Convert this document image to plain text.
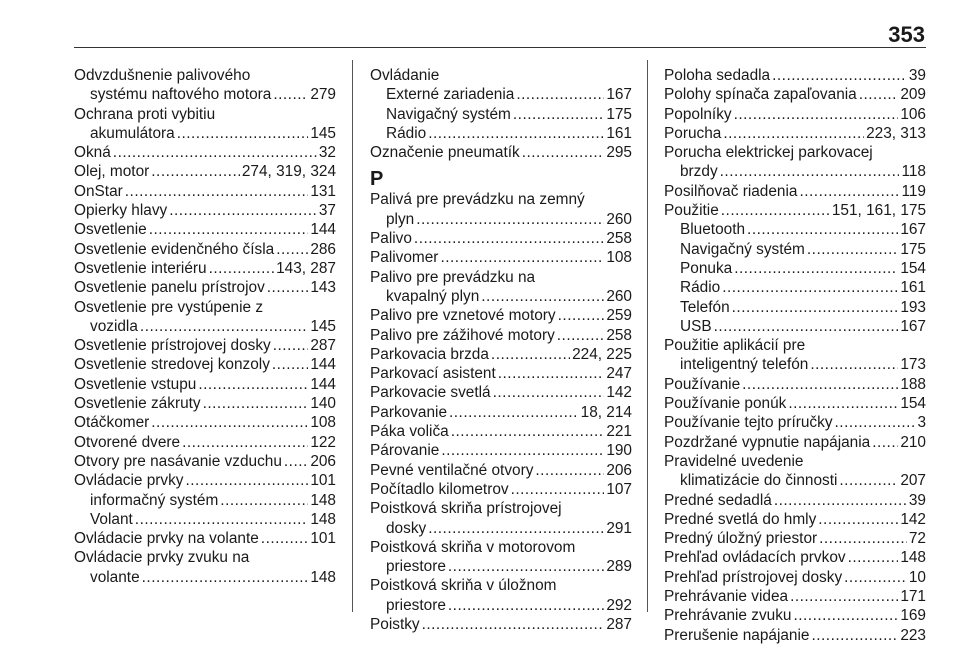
353
Odvzdušnenie palivového
systému naftového motora .....	279
Ochrana proti vybitiu
akumulátora .....	145
Okná .....	32
Olej, motor .....	274, 319, 324
OnStar .....	131
Opierky hlavy .....	37
Osvetlenie .....	144
Osvetlenie evidenčného čísla ..... 286
Osvetlenie interiéru .....	143, 287
Osvetlenie panelu prístrojov .....	143
Osvetlenie pre vystúpenie z
vozidla .....	145
Osvetlenie prístrojovej dosky .....	287
Osvetlenie stredovej konzoly .....	144
Osvetlenie vstupu .....	144
Osvetlenie zákruty .....	140
Otáčkomer .....	108
Otvorené dvere .....	122
Otvory pre nasávanie vzduchu ..... 206
Ovládacie prvky .....	101
informačný systém .....	148
Volant .....	148
Ovládacie prvky na volante .....	101
Ovládacie prvky zvuku na
volante .....	148
Ovládanie
Externé zariadenia .....	167
Navigačný systém .....	175
Rádio .....	161
Označenie pneumatík .....	295
P
Palivá pre prevádzku na zemný
plyn .....	260
Palivo .....	258
Palivomer .....	108
Palivo pre prevádzku na
kvapalný plyn .....	260
Palivo pre vznetové motory .....	259
Palivo pre zážihové motory .....	258
Parkovacia brzda .....	224, 225
Parkovací asistent .....	247
Parkovacie svetlá .....	142
Parkovanie .....	18, 214
Páka voliča .....	221
Párovanie .....	190
Pevné ventilačné otvory .....	206
Počítadlo kilometrov .....	107
Poistková skriňa prístrojovej
dosky .....	291
Poistková skriňa v motorovom
priestore .....	289
Poistková skriňa v úložnom
priestore .....	292
Poistky .....	287
Poloha sedadla .....	39
Polohy spínača zapaľovania .....	209
Popolníky .....	106
Porucha .....	223, 313
Porucha elektrickej parkovacej
brzdy .....	118
Posilňovač riadenia .....	119
Použitie .....	151, 161, 175
Bluetooth .....	167
Navigačný systém .....	175
Ponuka .....	154
Rádio .....	161
Telefón .....	193
USB .....	167
Použitie aplikácií pre
inteligentný telefón .....	173
Používanie .....	188
Používanie ponúk .....	154
Používanie tejto príručky .....	3
Pozdržané vypnutie napájania ..... 210
Pravidelné uvedenie
klimatizácie do činnosti .....	207
Predné sedadlá .....	39
Predné svetlá do hmly .....	142
Predný úložný priestor .....	72
Prehľad ovládacích prvkov .....	148
Prehľad prístrojovej dosky .....	10
Prehrávanie videa .....	171
Prehrávanie zvuku .....	169
Prerušenie napájanie .....	223
